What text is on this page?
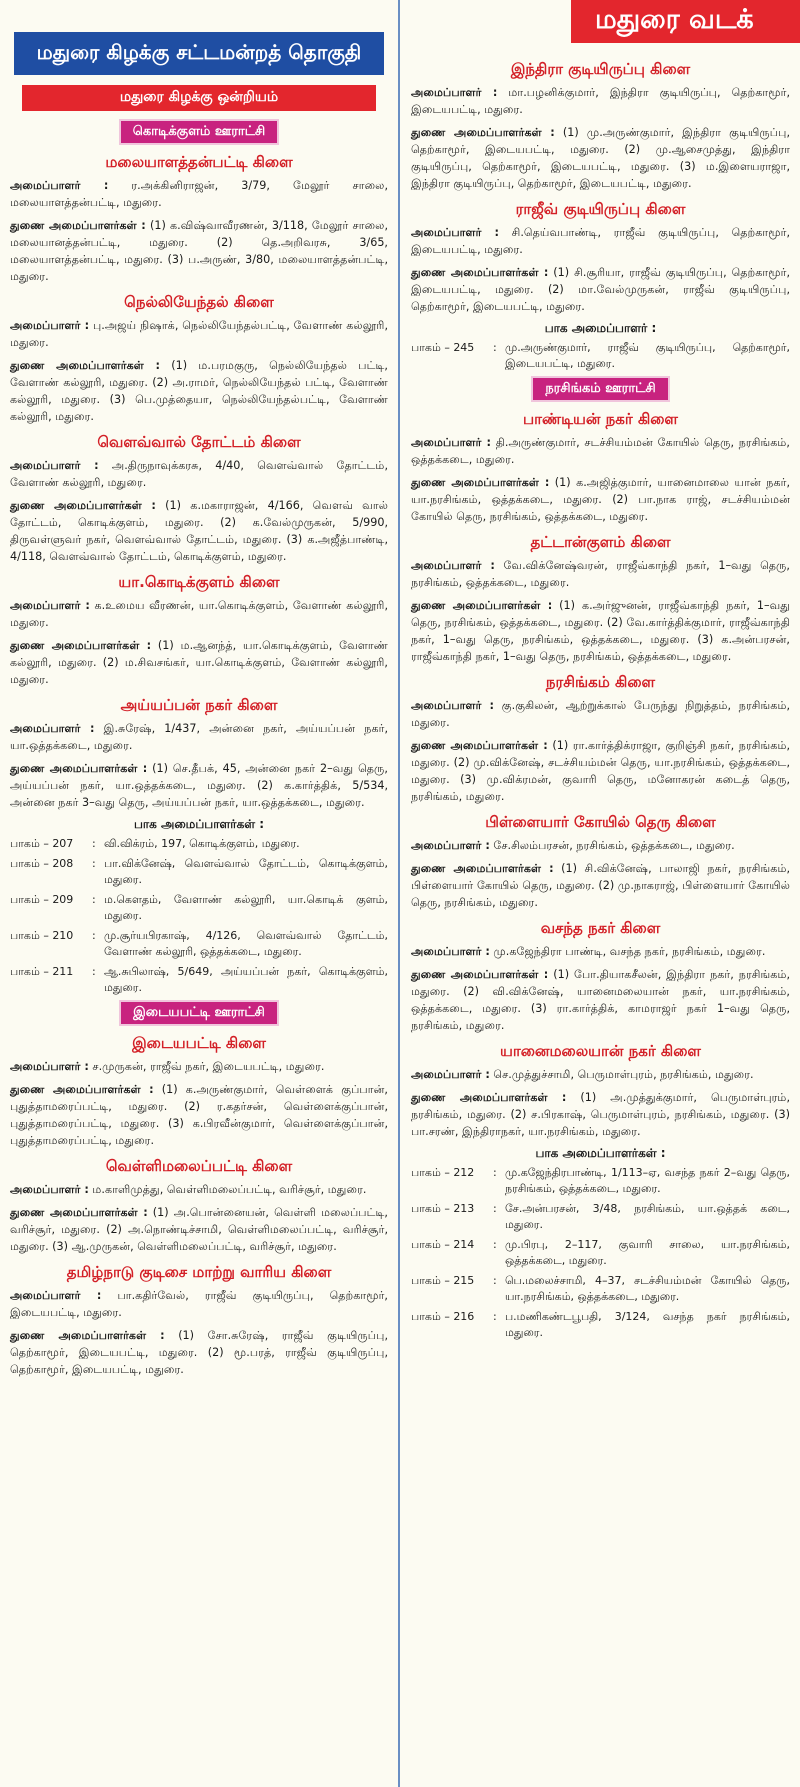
மதுரை கிழக்கு சட்டமன்றத் தொகுதி
மதுரை கிழக்கு ஒன்றியம்
கொடிக்குளம் ஊராட்சி
மலையாளத்தன்பட்டி கிளை

அமைப்பாளர் : ர.அக்கினிராஜன், 3/79, மேலூர் சாலை, மலையாளத்தன்பட்டி, மதுரை.

துணை அமைப்பாளர்கள் : (1) க.விஷ்வாவீரணன், 3/118, மேலூர் சாலை, மலையானத்தன்பட்டி, மதுரை. (2) தெ.அறிவரசு, 3/65, மலையாளத்தன்பட்டி, மதுரை. (3) ப.அருண், 3/80, மலையாளத்தன்பட்டி, மதுரை.

நெல்லியேந்தல் கிளை

அமைப்பாளர் : பு.அஜய் நிஷாக், நெல்லியேந்தல்பட்டி, வேளாண் கல்லூரி, மதுரை.

துணை அமைப்பாளர்கள் : (1) ம.பரமகுரு, நெல்லியேந்தல் பட்டி, வேளாண் கல்லூரி, மதுரை. (2) அ.ராமர், நெல்லியேந்தல் பட்டி, வேளாண் கல்லூரி, மதுரை. (3) பெ.முத்தையா, நெல்லியேந்தல்பட்டி, வேளாண் கல்லூரி, மதுரை.

வெளவ்வால் தோட்டம் கிளை

அமைப்பாளர் : அ.திருநாவுக்கரசு, 4/40, வெளவ்வால் தோட்டம், வேளாண் கல்லூரி, மதுரை.

துணை அமைப்பாளர்கள் : (1) க.மகாராஜன், 4/166, வெளவ் வால் தோட்டம், கொடிக்குளம், மதுரை. (2) க.வேல்முருகன், 5/990, திருவள்ளுவர் நகர், வெளவ்வால் தோட்டம், மதுரை. (3) க.அஜீத்பாண்டி, 4/118, வெளவ்வால் தோட்டம், கொடிக்குளம், மதுரை.

யா.கொடிக்குளம் கிளை

அமைப்பாளர் : க.உமைய வீரணன், யா.கொடிக்குளம், வேளாண் கல்லூரி, மதுரை.

துணை அமைப்பாளர்கள் : (1) ம.ஆனந்த், யா.கொடிக்குளம், வேளாண் கல்லூரி, மதுரை. (2) ம.சிவசங்கர், யா.கொடிக்குளம், வேளாண் கல்லூரி, மதுரை.

அய்யப்பன் நகர் கிளை

அமைப்பாளர் : இ.சுரேஷ், 1/437, அன்னை நகர், அய்யப்பன் நகர், யா.ஒத்தக்கடை, மதுரை.

துணை அமைப்பாளர்கள் : (1) செ.தீபக், 45, அன்னை நகர் 2–வது தெரு, அய்யப்பன் நகர், யா.ஒத்தக்கடை, மதுரை. (2) க.கார்த்திக், 5/534, அன்னை நகர் 3–வது தெரு, அய்யப்பன் நகர், யா.ஒத்தக்கடை, மதுரை.

பாக அமைப்பாளர்கள் :
பாகம் – 207	: வி.விக்ரம், 197, கொடிக்குளம், மதுரை.
பாகம் – 208	: பா.விக்னேஷ், வெளவ்வால் தோட்டம், கொடிக்குளம், மதுரை.
பாகம் – 209	: ம.கௌதம், வேளாண் கல்லூரி, யா.கொடிக் குளம், மதுரை.
பாகம் – 210	: மு.சூர்யபிரகாஷ், 4/126, வெளவ்வால் தோட்டம், வேளாண் கல்லூரி, ஒத்தக்கடை, மதுரை.
பாகம் – 211	: ஆ.சுபிலாஷ், 5/649, அய்யப்பன் நகர், கொடிக்குளம், மதுரை.
இடையபட்டி ஊராட்சி
இடையபட்டி கிளை

அமைப்பாளர் : ச.முருகன், ராஜீவ் நகர், இடையபட்டி, மதுரை.

துணை அமைப்பாளர்கள் : (1) க.அருண்குமார், வெள்ளைக் குப்பான், புதுத்தாமரைப்பட்டி, மதுரை. (2) ர.கதர்சன், வெள்ளைக்குப்பான், புதுத்தாமரைப்பட்டி, மதுரை. (3) க.பிரவீன்குமார், வெள்ளைக்குப்பான், புதுத்தாமரைப்பட்டி, மதுரை.

வெள்ளிமலைப்பட்டி கிளை

அமைப்பாளர் : ம.காளிமுத்து, வெள்ளிமலைப்பட்டி, வரிச்சூர், மதுரை.

துணை அமைப்பாளர்கள் : (1) அ.பொன்னையன், வெள்ளி மலைப்பட்டி, வரிச்சூர், மதுரை. (2) அ.நொண்டிச்சாமி, வெள்ளிமலைப்பட்டி, வரிச்சூர், மதுரை. (3) ஆ.முருகன், வெள்ளிமலைப்பட்டி, வரிச்சூர், மதுரை.

தமிழ்நாடு குடிசை மாற்று வாரிய கிளை

அமைப்பாளர் : பா.கதிர்வேல், ராஜீவ் குடியிருப்பு, தெற்காமூர், இடையபட்டி, மதுரை.

துணை அமைப்பாளர்கள் : (1) சோ.சுரேஷ், ராஜீவ் குடியிருப்பு, தெற்காமூர், இடையபட்டி, மதுரை. (2) மூ.பரத், ராஜீவ் குடியிருப்பு, தெற்காமூர், இடையபட்டி, மதுரை.

மதுரை வடக்
இந்திரா குடியிருப்பு கிளை

அமைப்பாளர் : மா.பழனிக்குமார், இந்திரா குடியிருப்பு, தெற்காமூர், இடையபட்டி, மதுரை.

துணை அமைப்பாளர்கள் : (1) மு.அருண்குமார், இந்திரா குடியிருப்பு, தெற்காமூர், இடையபட்டி, மதுரை. (2) மு.ஆசைமுத்து, இந்திரா குடியிருப்பு, தெற்காமூர், இடையபட்டி, மதுரை. (3) ம.இளையராஜா, இந்திரா குடியிருப்பு, தெற்காமூர், இடையபட்டி, மதுரை.

ராஜீவ் குடியிருப்பு கிளை

அமைப்பாளர் : சி.தெய்வபாண்டி, ராஜீவ் குடியிருப்பு, தெற்காமூர், இடையபட்டி, மதுரை.

துணை அமைப்பாளர்கள் : (1) சி.சூரியா, ராஜீவ் குடியிருப்பு, தெற்காமூர், இடையபட்டி, மதுரை. (2) மா.வேல்முருகன், ராஜீவ் குடியிருப்பு, தெற்காமூர், இடையபட்டி, மதுரை.

பாக அமைப்பாளர் :
பாகம் – 245	: மு.அருண்குமார், ராஜீவ் குடியிருப்பு, தெற்காமூர், இடையபட்டி, மதுரை.
நரசிங்கம் ஊராட்சி
பாண்டியன் நகர் கிளை

அமைப்பாளர் : தி.அருண்குமார், சடச்சியம்மன் கோயில் தெரு, நரசிங்கம், ஒத்தக்கடை, மதுரை.

துணை அமைப்பாளர்கள் : (1) க.அஜித்குமார், யானைமாலை யான் நகர், யா.நரசிங்கம், ஒத்தக்கடை, மதுரை. (2) பா.நாக ராஜ், சடச்சியம்மன் கோயில் தெரு, நரசிங்கம், ஒத்தக்கடை, மதுரை.

தட்டான்குளம் கிளை

அமைப்பாளர் : வே.விக்னேஷ்வரன், ராஜீவ்காந்தி நகர், 1–வது தெரு, நரசிங்கம், ஒத்தக்கடை, மதுரை.

துணை அமைப்பாளர்கள் : (1) க.அர்ஜுனன், ராஜீவ்காந்தி நகர், 1–வது தெரு, நரசிங்கம், ஒத்தக்கடை, மதுரை. (2) வே.கார்த்திக்குமார், ராஜீவ்காந்தி நகர், 1–வது தெரு, நரசிங்கம், ஒத்தக்கடை, மதுரை. (3) க.அன்பரசன், ராஜீவ்காந்தி நகர், 1–வது தெரு, நரசிங்கம், ஒத்தக்கடை, மதுரை.

நரசிங்கம் கிளை

அமைப்பாளர் : கு.குகிலன், ஆற்றுக்கால் பேருந்து நிறுத்தம், நரசிங்கம், மதுரை.

துணை அமைப்பாளர்கள் : (1) ரா.கார்த்திக்ராஜா, குறிஞ்சி நகர், நரசிங்கம், மதுரை. (2) மு.விக்னேஷ், சடச்சியம்மன் தெரு, யா.நரசிங்கம், ஒத்தக்கடை, மதுரை. (3) மு.விக்ரமன், குவாரி தெரு, மனோகரன் கடைத் தெரு, நரசிங்கம், மதுரை.

பிள்ளையார் கோயில் தெரு கிளை

அமைப்பாளர் : சே.சிலம்பரசன், நரசிங்கம், ஒத்தக்கடை, மதுரை.

துணை அமைப்பாளர்கள் : (1) சி.விக்னேஷ், பாலாஜி நகர், நரசிங்கம், பிள்ளையார் கோயில் தெரு, மதுரை. (2) மு.நாகராஜ், பிள்ளையார் கோயில் தெரு, நரசிங்கம், மதுரை.

வசந்த நகர் கிளை

அமைப்பாளர் : மு.கஜேந்திரா பாண்டி, வசந்த நகர், நரசிங்கம், மதுரை.

துணை அமைப்பாளர்கள் : (1) போ.தியாகசீலன், இந்திரா நகர், நரசிங்கம், மதுரை. (2) வி.விக்னேஷ், யானைமலையான் நகர், யா.நரசிங்கம், ஒத்தக்கடை, மதுரை. (3) ரா.கார்த்திக், காமராஜர் நகர் 1–வது தெரு, நரசிங்கம், மதுரை.

யானைமலையான் நகர் கிளை

அமைப்பாளர் : செ.முத்துச்சாமி, பெருமாள்புரம், நரசிங்கம், மதுரை.

துணை அமைப்பாளர்கள் : (1) அ.முத்துக்குமார், பெருமாள்புரம், நரசிங்கம், மதுரை. (2) ச.பிரகாஷ், பெருமாள்புரம், நரசிங்கம், மதுரை. (3) பா.சரண், இந்திராநகர், யா.நரசிங்கம், மதுரை.

பாக அமைப்பாளர்கள் :
பாகம் – 212	: மு.கஜேந்திரபாண்டி, 1/113–ஏ, வசந்த நகர் 2–வது தெரு, நரசிங்கம், ஒத்தக்கடை, மதுரை.
பாகம் – 213	: சே.அன்பரசன், 3/48, நரசிங்கம், யா.ஒத்தக் கடை, மதுரை.
பாகம் – 214	: மு.பிரபு, 2–117, குவாரி சாலை, யா.நரசிங்கம், ஒத்தக்கடை, மதுரை.
பாகம் – 215	: பெ.மலைச்சாமி, 4–37, சடச்சியம்மன் கோயில் தெரு, யா.நரசிங்கம், ஒத்தக்கடை, மதுரை.
பாகம் – 216	: ப.மணிகண்டபூபதி, 3/124, வசந்த நகர் நரசிங்கம், மதுரை.
